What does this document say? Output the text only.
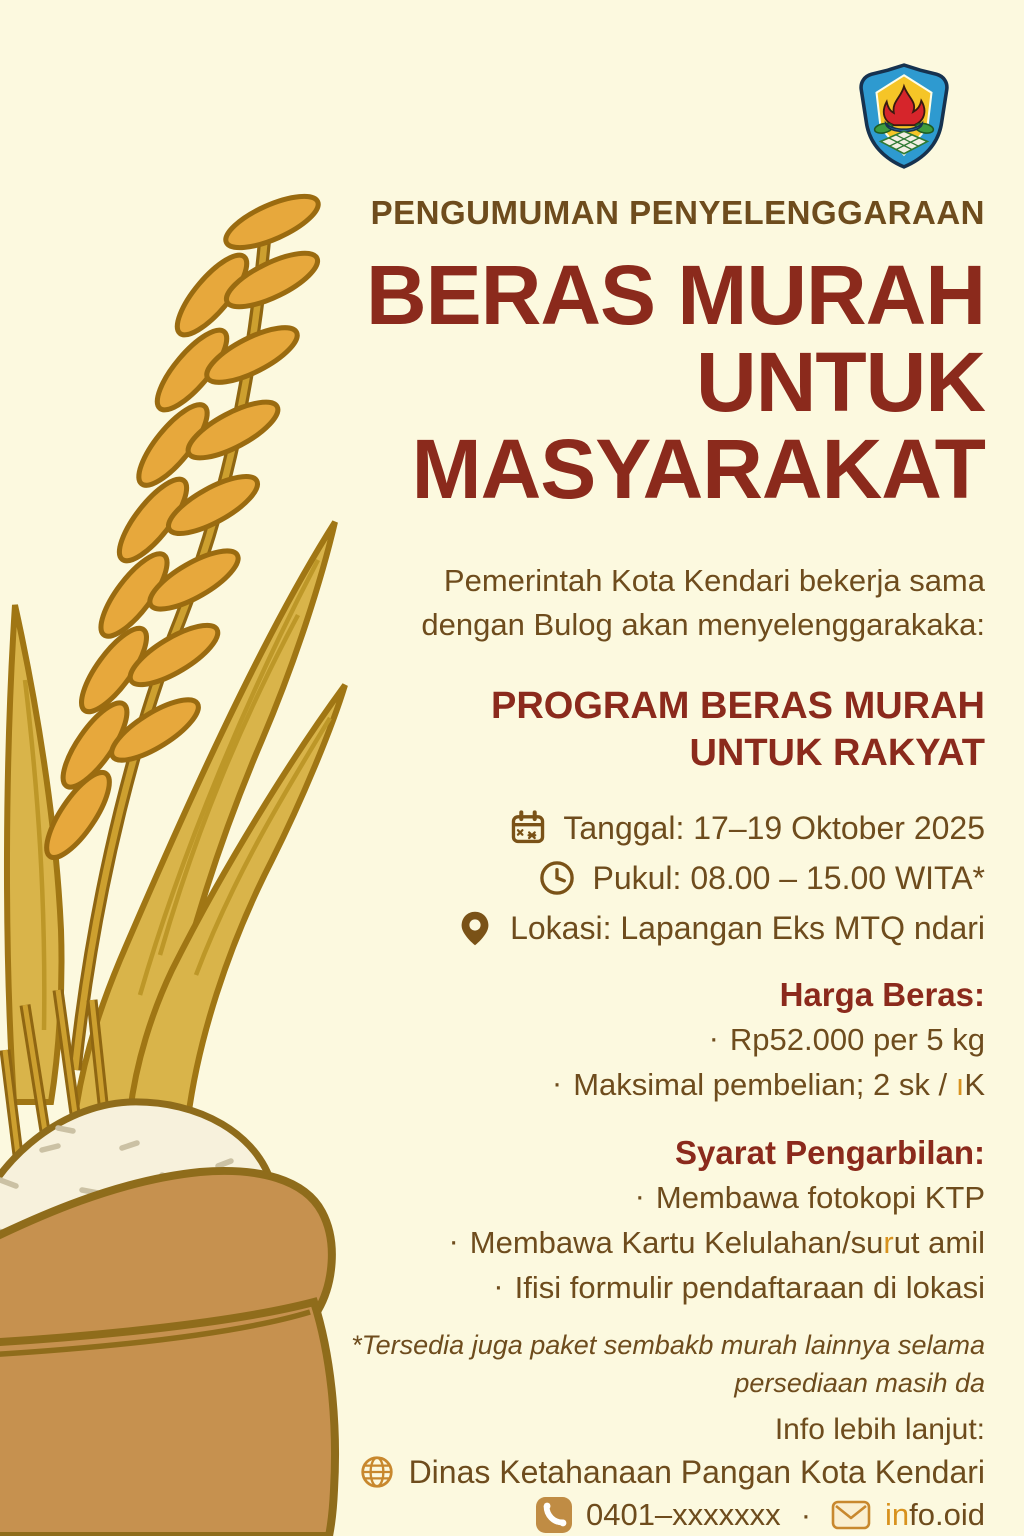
PENGUMUMAN PENYELENGGARAAN
BERAS MURAH
UNTUK
MASYARAKAT

Pemerintah Kota Kendari bekerja sama
dengan Bulog akan menyelenggarakaka:

PROGRAM BERAS MURAH
UNTUK RAKYAT
Tanggal: 17–19 Oktober 2025
Pukul: 08.00 – 15.00 WITA*
Lokasi: Lapangan Eks MTQ ndari
Harga Beras:
· Rp52.000 per 5 kg
· Maksimal pembelian; 2 sk / ıK
Syarat Pengarbilan:
· Membawa fotokopi KTP
· Membawa Kartu Kelulahan/surut amil
· Ifisi formulir pendaftaraan di lokasi

*Tersedia juga paket sembakb murah lainnya selama
persediaan masih da

Info lebih lanjut:
Dinas Ketahanaan Pangan Kota Kendari
0401–xxxxxxx · info.oid
